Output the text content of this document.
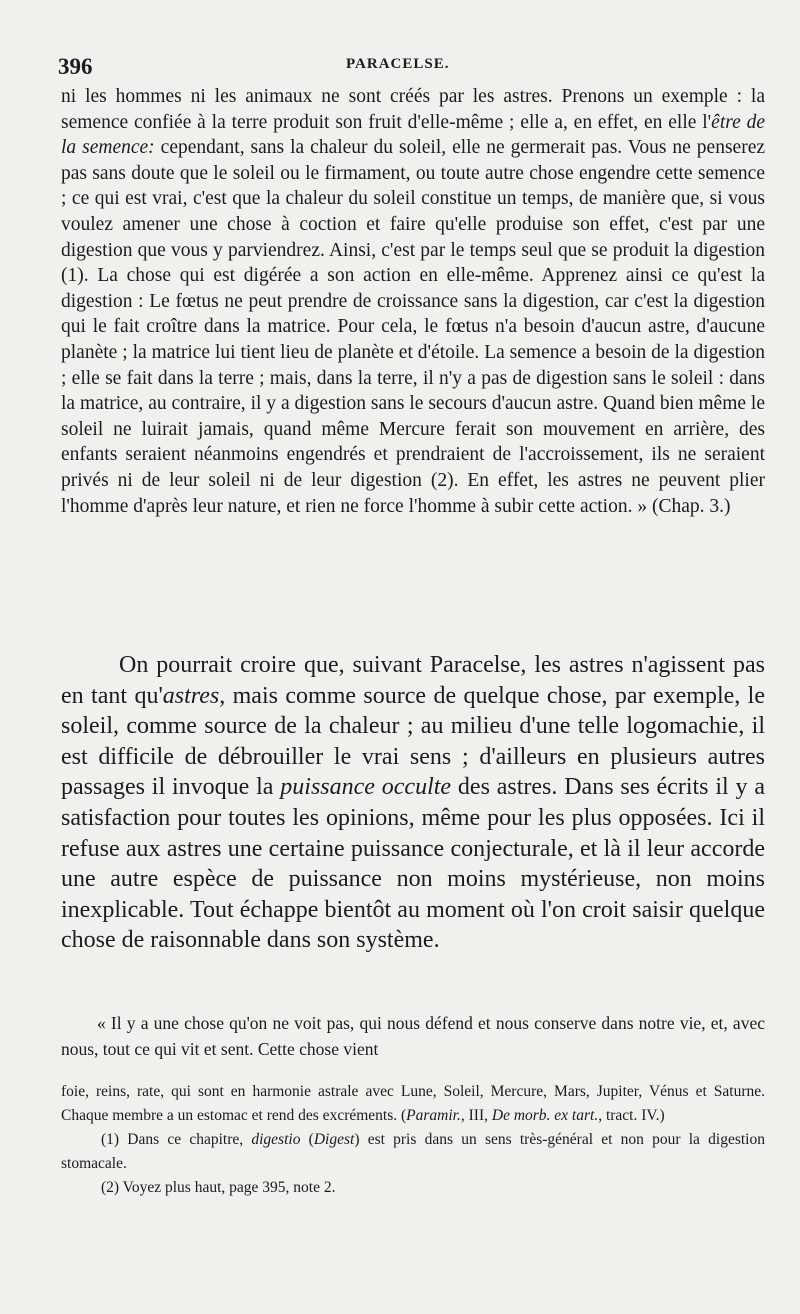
396	PARACELSE.

ni les hommes ni les animaux ne sont créés par les astres. Prenons un exemple : la semence confiée à la terre produit son fruit d'elle-même ; elle a, en effet, en elle l'être de la semence: cependant, sans la chaleur du soleil, elle ne germerait pas. Vous ne penserez pas sans doute que le soleil ou le firmament, ou toute autre chose engendre cette semence ; ce qui est vrai, c'est que la chaleur du soleil constitue un temps, de manière que, si vous voulez amener une chose à coction et faire qu'elle produise son effet, c'est par une digestion que vous y parviendrez. Ainsi, c'est par le temps seul que se produit la digestion (1). La chose qui est digérée a son action en elle-même. Apprenez ainsi ce qu'est la digestion : Le fœtus ne peut prendre de croissance sans la digestion, car c'est la digestion qui le fait croître dans la matrice. Pour cela, le fœtus n'a besoin d'aucun astre, d'aucune planète ; la matrice lui tient lieu de planète et d'étoile. La semence a besoin de la digestion ; elle se fait dans la terre ; mais, dans la terre, il n'y a pas de digestion sans le soleil : dans la matrice, au contraire, il y a digestion sans le secours d'aucun astre. Quand bien même le soleil ne luirait jamais, quand même Mercure ferait son mouvement en arrière, des enfants seraient néanmoins engendrés et prendraient de l'accroissement, ils ne seraient privés ni de leur soleil ni de leur digestion (2). En effet, les astres ne peuvent plier l'homme d'après leur nature, et rien ne force l'homme à subir cette action. » (Chap. 3.)

On pourrait croire que, suivant Paracelse, les astres n'agissent pas en tant qu'astres, mais comme source de quelque chose, par exemple, le soleil, comme source de la chaleur ; au milieu d'une telle logomachie, il est difficile de débrouiller le vrai sens ; d'ailleurs en plusieurs autres passages il invoque la puissance occulte des astres. Dans ses écrits il y a satisfaction pour toutes les opinions, même pour les plus opposées. Ici il refuse aux astres une certaine puissance conjecturale, et là il leur accorde une autre espèce de puissance non moins mystérieuse, non moins inexplicable. Tout échappe bientôt au moment où l'on croit saisir quelque chose de raisonnable dans son système.

« Il y a une chose qu'on ne voit pas, qui nous défend et nous conserve dans notre vie, et, avec nous, tout ce qui vit et sent. Cette chose vient

foie, reins, rate, qui sont en harmonie astrale avec Lune, Soleil, Mercure, Mars, Jupiter, Vénus et Saturne. Chaque membre a un estomac et rend des excréments. (Paramir., III, De morb. ex tart., tract. IV.)

(1) Dans ce chapitre, digestio (Digest) est pris dans un sens très-général et non pour la digestion stomacale.

(2) Voyez plus haut, page 395, note 2.
